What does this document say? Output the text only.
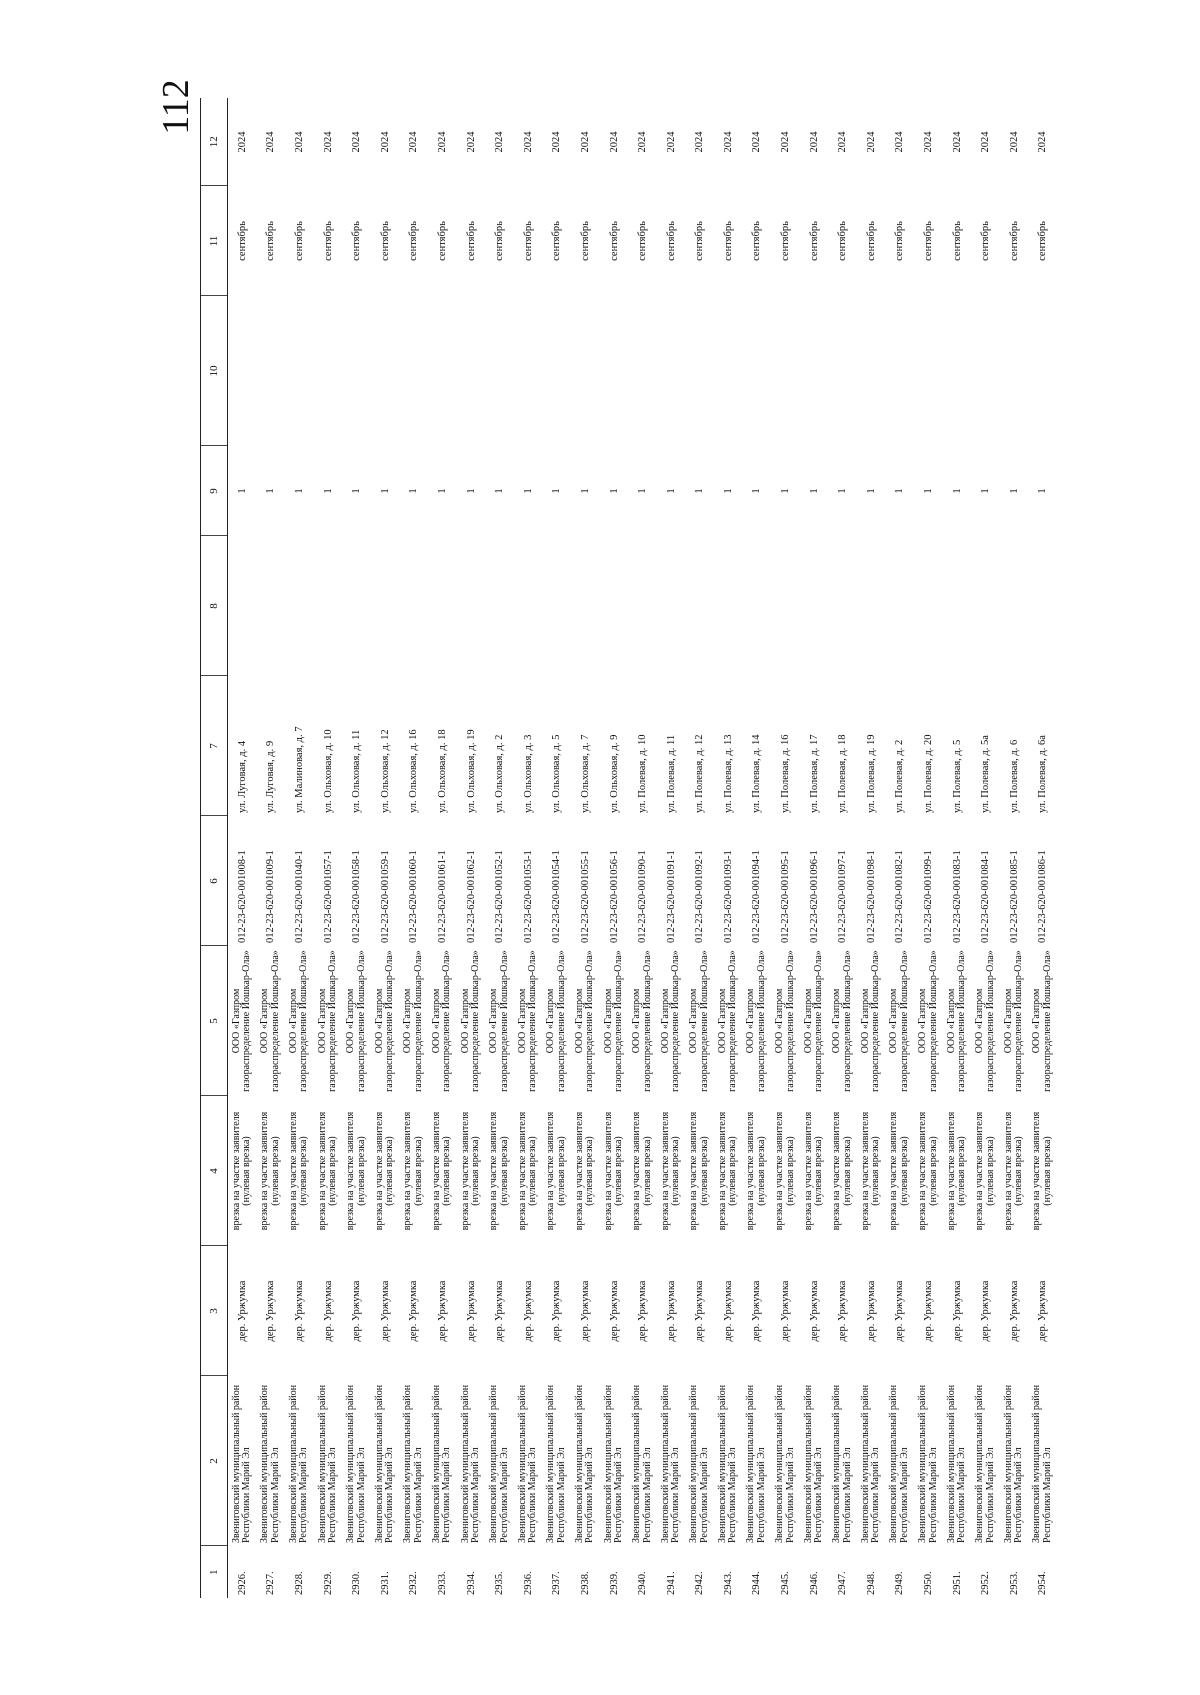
112
1	2	3	4	5	6	7	8	9	10	11	12
2926.	Звениговский муниципальный район Республики Марий Эл	дер. Уржумка	врезка на участке заявителя (нулевая врезка)	ООО «Газпром газораспределение Йошкар-Ола»	012-23-620-001008-1	ул. Луговая, д. 4		1		сентябрь	2024
2927.	Звениговский муниципальный район Республики Марий Эл	дер. Уржумка	врезка на участке заявителя (нулевая врезка)	ООО «Газпром газораспределение Йошкар-Ола»	012-23-620-001009-1	ул. Луговая, д. 9		1		сентябрь	2024
2928.	Звениговский муниципальный район Республики Марий Эл	дер. Уржумка	врезка на участке заявителя (нулевая врезка)	ООО «Газпром газораспределение Йошкар-Ола»	012-23-620-001040-1	ул. Малиновая, д. 7		1		сентябрь	2024
2929.	Звениговский муниципальный район Республики Марий Эл	дер. Уржумка	врезка на участке заявителя (нулевая врезка)	ООО «Газпром газораспределение Йошкар-Ола»	012-23-620-001057-1	ул. Ольховая, д. 10		1		сентябрь	2024
2930.	Звениговский муниципальный район Республики Марий Эл	дер. Уржумка	врезка на участке заявителя (нулевая врезка)	ООО «Газпром газораспределение Йошкар-Ола»	012-23-620-001058-1	ул. Ольховая, д. 11		1		сентябрь	2024
2931.	Звениговский муниципальный район Республики Марий Эл	дер. Уржумка	врезка на участке заявителя (нулевая врезка)	ООО «Газпром газораспределение Йошкар-Ола»	012-23-620-001059-1	ул. Ольховая, д. 12		1		сентябрь	2024
2932.	Звениговский муниципальный район Республики Марий Эл	дер. Уржумка	врезка на участке заявителя (нулевая врезка)	ООО «Газпром газораспределение Йошкар-Ола»	012-23-620-001060-1	ул. Ольховая, д. 16		1		сентябрь	2024
2933.	Звениговский муниципальный район Республики Марий Эл	дер. Уржумка	врезка на участке заявителя (нулевая врезка)	ООО «Газпром газораспределение Йошкар-Ола»	012-23-620-001061-1	ул. Ольховая, д. 18		1		сентябрь	2024
2934.	Звениговский муниципальный район Республики Марий Эл	дер. Уржумка	врезка на участке заявителя (нулевая врезка)	ООО «Газпром газораспределение Йошкар-Ола»	012-23-620-001062-1	ул. Ольховая, д. 19		1		сентябрь	2024
2935.	Звениговский муниципальный район Республики Марий Эл	дер. Уржумка	врезка на участке заявителя (нулевая врезка)	ООО «Газпром газораспределение Йошкар-Ола»	012-23-620-001052-1	ул. Ольховая, д. 2		1		сентябрь	2024
2936.	Звениговский муниципальный район Республики Марий Эл	дер. Уржумка	врезка на участке заявителя (нулевая врезка)	ООО «Газпром газораспределение Йошкар-Ола»	012-23-620-001053-1	ул. Ольховая, д. 3		1		сентябрь	2024
2937.	Звениговский муниципальный район Республики Марий Эл	дер. Уржумка	врезка на участке заявителя (нулевая врезка)	ООО «Газпром газораспределение Йошкар-Ола»	012-23-620-001054-1	ул. Ольховая, д. 5		1		сентябрь	2024
2938.	Звениговский муниципальный район Республики Марий Эл	дер. Уржумка	врезка на участке заявителя (нулевая врезка)	ООО «Газпром газораспределение Йошкар-Ола»	012-23-620-001055-1	ул. Ольховая, д. 7		1		сентябрь	2024
2939.	Звениговский муниципальный район Республики Марий Эл	дер. Уржумка	врезка на участке заявителя (нулевая врезка)	ООО «Газпром газораспределение Йошкар-Ола»	012-23-620-001056-1	ул. Ольховая, д. 9		1		сентябрь	2024
2940.	Звениговский муниципальный район Республики Марий Эл	дер. Уржумка	врезка на участке заявителя (нулевая врезка)	ООО «Газпром газораспределение Йошкар-Ола»	012-23-620-001090-1	ул. Полевая, д. 10		1		сентябрь	2024
2941.	Звениговский муниципальный район Республики Марий Эл	дер. Уржумка	врезка на участке заявителя (нулевая врезка)	ООО «Газпром газораспределение Йошкар-Ола»	012-23-620-001091-1	ул. Полевая, д. 11		1		сентябрь	2024
2942.	Звениговский муниципальный район Республики Марий Эл	дер. Уржумка	врезка на участке заявителя (нулевая врезка)	ООО «Газпром газораспределение Йошкар-Ола»	012-23-620-001092-1	ул. Полевая, д. 12		1		сентябрь	2024
2943.	Звениговский муниципальный район Республики Марий Эл	дер. Уржумка	врезка на участке заявителя (нулевая врезка)	ООО «Газпром газораспределение Йошкар-Ола»	012-23-620-001093-1	ул. Полевая, д. 13		1		сентябрь	2024
2944.	Звениговский муниципальный район Республики Марий Эл	дер. Уржумка	врезка на участке заявителя (нулевая врезка)	ООО «Газпром газораспределение Йошкар-Ола»	012-23-620-001094-1	ул. Полевая, д. 14		1		сентябрь	2024
2945.	Звениговский муниципальный район Республики Марий Эл	дер. Уржумка	врезка на участке заявителя (нулевая врезка)	ООО «Газпром газораспределение Йошкар-Ола»	012-23-620-001095-1	ул. Полевая, д. 16		1		сентябрь	2024
2946.	Звениговский муниципальный район Республики Марий Эл	дер. Уржумка	врезка на участке заявителя (нулевая врезка)	ООО «Газпром газораспределение Йошкар-Ола»	012-23-620-001096-1	ул. Полевая, д. 17		1		сентябрь	2024
2947.	Звениговский муниципальный район Республики Марий Эл	дер. Уржумка	врезка на участке заявителя (нулевая врезка)	ООО «Газпром газораспределение Йошкар-Ола»	012-23-620-001097-1	ул. Полевая, д. 18		1		сентябрь	2024
2948.	Звениговский муниципальный район Республики Марий Эл	дер. Уржумка	врезка на участке заявителя (нулевая врезка)	ООО «Газпром газораспределение Йошкар-Ола»	012-23-620-001098-1	ул. Полевая, д. 19		1		сентябрь	2024
2949.	Звениговский муниципальный район Республики Марий Эл	дер. Уржумка	врезка на участке заявителя (нулевая врезка)	ООО «Газпром газораспределение Йошкар-Ола»	012-23-620-001082-1	ул. Полевая, д. 2		1		сентябрь	2024
2950.	Звениговский муниципальный район Республики Марий Эл	дер. Уржумка	врезка на участке заявителя (нулевая врезка)	ООО «Газпром газораспределение Йошкар-Ола»	012-23-620-001099-1	ул. Полевая, д. 20		1		сентябрь	2024
2951.	Звениговский муниципальный район Республики Марий Эл	дер. Уржумка	врезка на участке заявителя (нулевая врезка)	ООО «Газпром газораспределение Йошкар-Ола»	012-23-620-001083-1	ул. Полевая, д. 5		1		сентябрь	2024
2952.	Звениговский муниципальный район Республики Марий Эл	дер. Уржумка	врезка на участке заявителя (нулевая врезка)	ООО «Газпром газораспределение Йошкар-Ола»	012-23-620-001084-1	ул. Полевая, д. 5а		1		сентябрь	2024
2953.	Звениговский муниципальный район Республики Марий Эл	дер. Уржумка	врезка на участке заявителя (нулевая врезка)	ООО «Газпром газораспределение Йошкар-Ола»	012-23-620-001085-1	ул. Полевая, д. 6		1		сентябрь	2024
2954.	Звениговский муниципальный район Республики Марий Эл	дер. Уржумка	врезка на участке заявителя (нулевая врезка)	ООО «Газпром газораспределение Йошкар-Ола»	012-23-620-001086-1	ул. Полевая, д. 6а		1		сентябрь	2024
